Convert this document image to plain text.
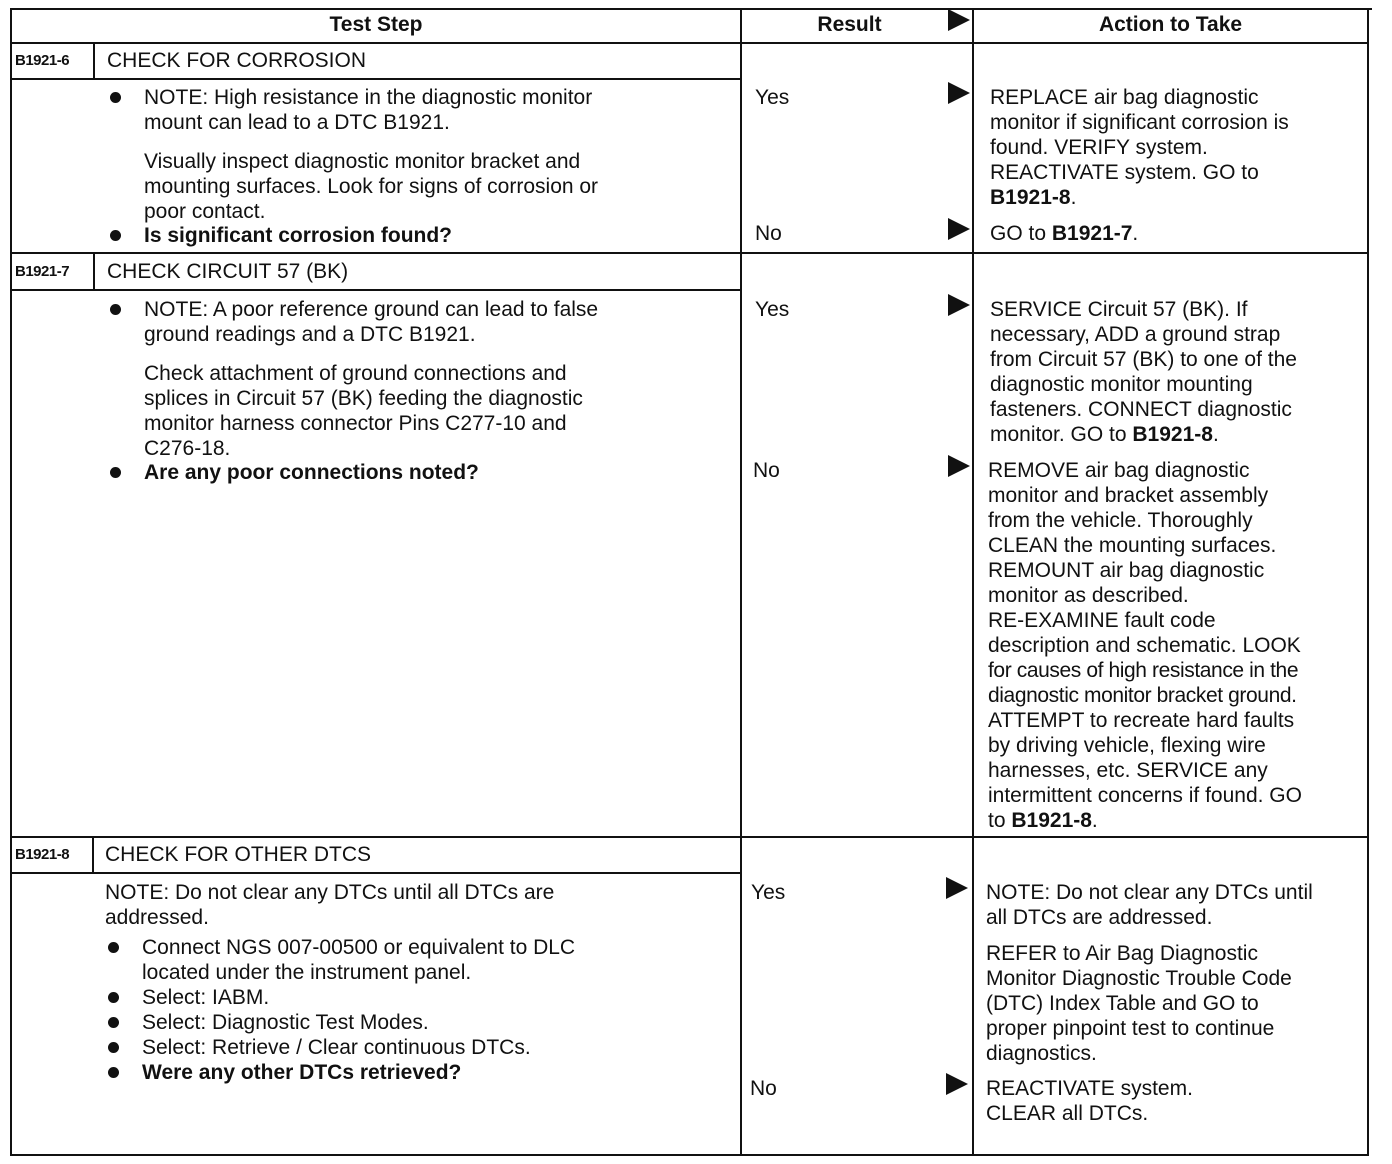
Test Step	Result	Action to Take
B1921-6 CHECK FOR CORROSION
NOTE: High resistance in the diagnostic monitor
mount can lead to a DTC B1921.
Visually inspect diagnostic monitor bracket and
mounting surfaces. Look for signs of corrosion or
poor contact.
Is significant corrosion found?
Yes	REPLACE air bag diagnostic
monitor if significant corrosion is
found. VERIFY system.
REACTIVATE system. GO to
B1921-8.
No	GO to B1921-7.
B1921-7 CHECK CIRCUIT 57 (BK)
NOTE: A poor reference ground can lead to false
ground readings and a DTC B1921.
Check attachment of ground connections and
splices in Circuit 57 (BK) feeding the diagnostic
monitor harness connector Pins C277-10 and
C276-18.
Are any poor connections noted?
Yes	SERVICE Circuit 57 (BK). If
necessary, ADD a ground strap
from Circuit 57 (BK) to one of the
diagnostic monitor mounting
fasteners. CONNECT diagnostic
monitor. GO to B1921-8.
No	REMOVE air bag diagnostic
monitor and bracket assembly
from the vehicle. Thoroughly
CLEAN the mounting surfaces.
REMOUNT air bag diagnostic
monitor as described.
RE-EXAMINE fault code
description and schematic. LOOK
for causes of high resistance in the
diagnostic monitor bracket ground.
ATTEMPT to recreate hard faults
by driving vehicle, flexing wire
harnesses, etc. SERVICE any
intermittent concerns if found. GO
to B1921-8.
B1921-8 CHECK FOR OTHER DTCS
NOTE: Do not clear any DTCs until all DTCs are
addressed.
Connect NGS 007-00500 or equivalent to DLC
located under the instrument panel.
Select: IABM.
Select: Diagnostic Test Modes.
Select: Retrieve / Clear continuous DTCs.
Were any other DTCs retrieved?
Yes	NOTE: Do not clear any DTCs until
all DTCs are addressed.
REFER to Air Bag Diagnostic
Monitor Diagnostic Trouble Code
(DTC) Index Table and GO to
proper pinpoint test to continue
diagnostics.
No	REACTIVATE system.
CLEAR all DTCs.
